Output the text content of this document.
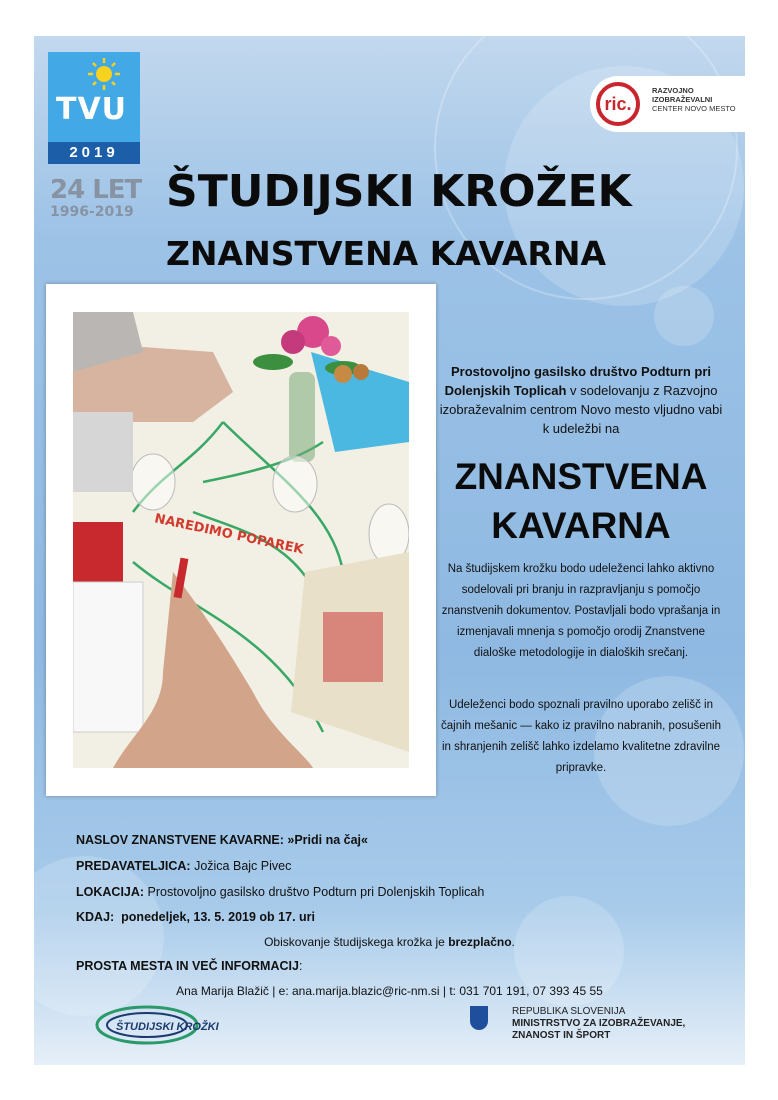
TVU
2019
24 LET
1996-2019
ric.
RAZVOJNO
IZOBRAŽEVALNI
CENTER NOVO MESTO
ŠTUDIJSKI KROŽEK
ZNANSTVENA KAVARNA
NAREDIMO POPAREK
Prostovoljno gasilsko društvo Podturn pri Dolenjskih Toplicah v sodelovanju z Razvojno izobraževalnim centrom Novo mesto vljudno vabi k udeležbi na
ZNANSTVENA
KAVARNA
Na študijskem krožku bodo udeleženci lahko aktivno sodelovali pri branju in razpravljanju s pomočjo znanstvenih dokumentov. Postavljali bodo vprašanja in izmenjavali mnenja s pomočjo orodij Znanstvene dialoške metodologije in dialoških srečanj.
Udeleženci bodo spoznali pravilno uporabo zelišč in čajnih mešanic — kako iz pravilno nabranih, posušenih in shranjenih zelišč lahko izdelamo kvalitetne zdravilne pripravke.
NASLOV ZNANSTVENE KAVARNE: »Pridi na čaj«
PREDAVATELJICA: Jožica Bajc Pivec
LOKACIJA: Prostovoljno gasilsko društvo Podturn pri Dolenjskih Toplicah
KDAJ: ponedeljek, 13. 5. 2019 ob 17. uri
Obiskovanje študijskega krožka je brezplačno.
PROSTA MESTA IN VEČ INFORMACIJ:
Ana Marija Blažič | e: ana.marija.blazic@ric-nm.si | t: 031 701 191, 07 393 45 55
ŠTUDIJSKI KROŽKI
REPUBLIKA SLOVENIJA
MINISTRSTVO ZA IZOBRAŽEVANJE,
ZNANOST IN ŠPORT
